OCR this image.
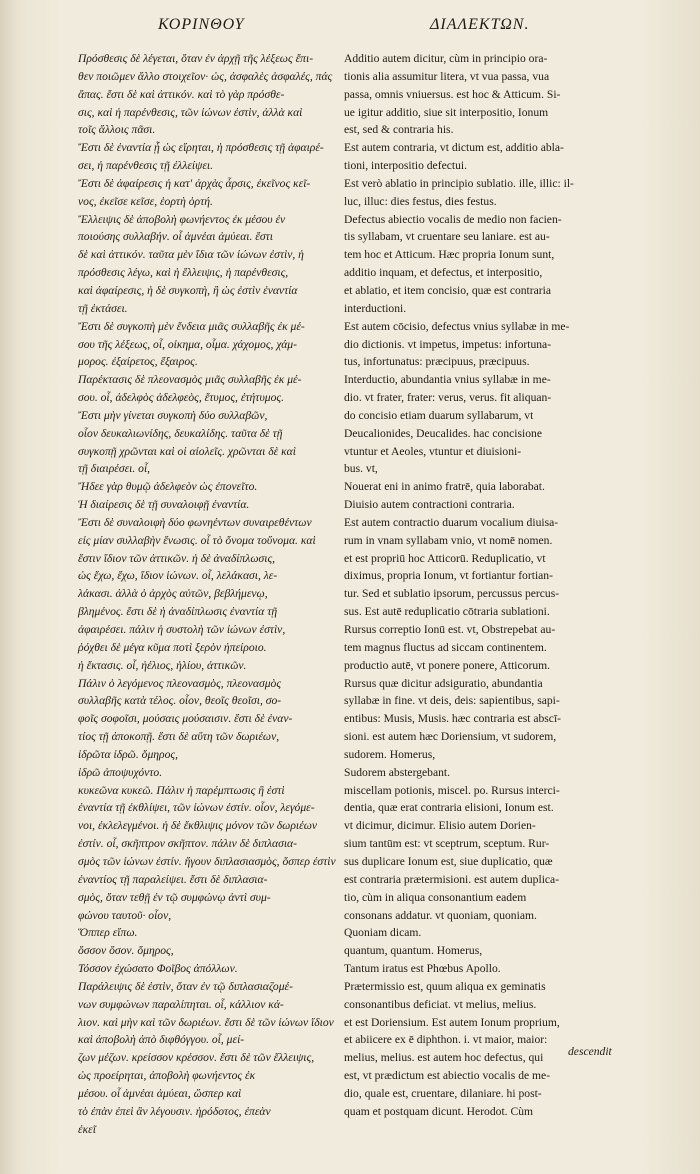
ΚΟΡΙΝΘΟΥ	ΔΙΑΛΕΚΤΩΝ.
Πρόσθεσις δὲ λέγεται, ὅταν ἐν ἀρχῇ τῆς λέξεως ἔπι-
θεν ποιῶμεν ἄλλο στοιχεῖον· ὡς, ἀσφαλὲς ἀσφαλές, πάς
ἅπας. ἔστι δὲ καὶ ἀττικόν. καὶ τὸ γὰρ πρόσθε-
σις, καὶ ἡ παρένθεσις, τῶν ἰώνων ἐστὶν, ἀλλὰ καὶ
τοῖς ἄλλοις πᾶσι.
Ἔστι δὲ ἐναντία ᾗ ὡς εἴρηται, ἡ πρόσθεσις τῇ ἀφαιρέ-
σει, ἡ παρένθεσις τῇ ἐλλείψει.
Ἔστι δὲ ἀφαίρεσις ἡ κατ' ἀρχὰς ἆρσις, ἐκεῖνος κεῖ-
νος, ἐκεῖσε κεῖσε, ἑορτὴ ὁρτή.
Ἔλλειψις δὲ ἀποβολὴ φωνήεντος ἐκ μέσου ἐν
ποιούσης συλλαβήν. οἷ ἀμνέαι ἀμύεαι. ἔστι
δὲ καὶ ἀττικόν. ταῦτα μὲν ἴδια τῶν ἰώνων ἐστὶν, ἡ
πρόσθεσις λέγω, καὶ ἡ ἔλλειψις, ἡ παρένθεσις,
καὶ ἀφαίρεσις, ἡ δὲ συγκοπὴ, ἢ ὡς ἐστὶν ἐναντία
τῇ ἐκτάσει.
Ἔστι δὲ συγκοπὴ μὲν ἔνδεια μιᾶς συλλαβῆς ἐκ μέ-
σου τῆς λέξεως, οἷ, οἰκημα, οἶμα. χάχομος, χάμ-
μορος. ἐξαίρετος, ἔξαιρος.
Παρέκτασις δὲ πλεονασμὸς μιᾶς συλλαβῆς ἐκ μέ-
σου. οἷ, ἀδελφὸς ἀδελφεὸς, ἔτυμος, ἐτήτυμος.
Ἔστι μὴν γίνεται συγκοπὴ δύο συλλαβῶν,
οἷον δευκαλιωνίδης, δευκαλίδης. ταῦτα δὲ τῇ
συγκοπῇ χρῶνται καὶ οἱ αἰολεῖς. χρῶνται δὲ καὶ
τῇ διαιρέσει. οἷ,
Ἤδεε γὰρ θυμῷ ἀδελφεὸν ὡς ἐπονεῖτο.
Ἡ διαίρεσις δὲ τῇ συναλοιφῇ ἐναντία.
Ἔστι δὲ συναλοιφὴ δύο φωνηέντων συναιρεθέντων
εἰς μίαν συλλαβὴν ἕνωσις. οἷ τὸ ὄνομα τοὔνομα. καὶ
ἔστιν ἴδιον τῶν ἀττικῶν. ἡ δὲ ἀναδίπλωσις,
ὡς ἔχω, ἔχω, ἴδιον ἰώνων. οἷ, λελάκασι, λε-
λάκασι. ἀλλὰ ὁ ἀρχὸς αὐτῶν, βεβλήμενῳ,
βλημένος. ἔστι δὲ ἡ ἀναδίπλωσις ἐναντία τῇ
ἀφαιρέσει. πάλιν ἡ συστολὴ τῶν ἰώνων ἐστὶν,
ῥόχθει δὲ μέγα κῦμα ποτὶ ξερὸν ἠπείροιο.
ἡ ἔκτασις. οἷ, ἠέλιος, ἡλίου, ἀττικῶν.
Πάλιν ὁ λεγόμενος πλεονασμὸς, πλεονασμὸς
συλλαβῆς κατὰ τέλος. οἷον, θεοῖς θεοῖσι, σο-
φοῖς σοφοῖσι, μούσαις μούσαισιν. ἔστι δὲ ἐναν-
τίος τῇ ἀποκοπῇ. ἔστι δὲ αὕτη τῶν δωριέων,
ἱδρῶτα ἰδρῶ. ὅμηρος,
ἱδρῶ ἀποψυχόντο.
κυκεῶνα κυκεῶ. Πάλιν ἡ παρέμπτωσις ἣ ἐστὶ
ἐναντία τῇ ἐκθλίψει, τῶν ἰώνων ἐστίν. οἷον, λεγόμε-
νοι, ἐκλελεγμένοι. ἡ δὲ ἔκθλιψις μόνον τῶν δωριέων
ἐστίν. οἷ, σκῆπτρον σκῆπτον. πάλιν δὲ διπλασια-
σμὸς τῶν ἰώνων ἐστίν. ἤγουν διπλασιασμὸς, ὅσπερ ἐστὶν
ἐναντίος τῇ παραλείψει. ἔστι δὲ διπλασια-
σμὸς, ὅταν τεθῇ ἐν τῷ συμφώνῳ ἀντὶ συμ-
φώνου ταυτοῦ· οἷον,
Ὅππερ εἴπω.
ὅσσον ὅσον. ὅμηρος,
Τόσσον ἐχώσατο Φοῖβος ἀπόλλων.
Παράλειψις δὲ ἐστὶν, ὅταν ἐν τῷ διπλασιαζομέ-
νων συμφώνων παραλίπηται. οἷ, κάλλιον κά-
λιον. καὶ μὴν καὶ τῶν δωριέων. ἔστι δὲ τῶν ἰώνων ἴδιον
καὶ ἀποβολὴ ἀπὸ διφθόγγου. οἷ, μεί-
ζων μέζων. κρείσσον κρέσσον. ἔστι δὲ τῶν ἔλλειψις,
ὡς προείρηται, ἀποβολὴ φωνήεντος ἐκ
μέσου. οἷ ἀμνέαι ἀμύεαι, ὥσπερ καὶ
τὸ ἐπὰν ἐπεὶ ἂν λέγουσιν. ἡρόδοτος, ἐπεὰν
ἐκεῖ
Additio autem dicitur, cùm in principio ora-
tionis alia assumitur litera, vt vua passa, vua
passa, omnis vniuersus. est hoc & Atticum. Si-
ue igitur additio, siue sit interpositio, Ionum
est, sed & contraria his.
Est autem contraria, vt dictum est, additio abla-
tioni, interpositio defectui.
Est verò ablatio in principio sublatio. ille, illic: il-
luc, illuc: dies festus, dies festus.
Defectus abiectio vocalis de medio non facien-
tis syllabam, vt cruentare seu laniare. est au-
tem hoc et Atticum. Hæc propria Ionum sunt,
additio inquam, et defectus, et interpositio,
et ablatio, et item concisio, quæ est contraria
interductioni.
Est autem cōcisio, defectus vnius syllabæ in me-
dio dictionis. vt impetus, impetus: infortuna-
tus, infortunatus: præcipuus, præcipuus.
Interductio, abundantia vnius syllabæ in me-
dio. vt frater, frater: verus, verus. fit aliquan-
do concisio etiam duarum syllabarum, vt
Deucalionides, Deucalides. hac concisione
vtuntur et Aeoles, vtuntur et diuisioni-
bus. vt,
Nouerat eni in animo fratrē, quia laborabat.
Diuisio autem contractioni contraria.
Est autem contractio duarum vocalium diuisa-
rum in vnam syllabam vnio, vt nomē nomen.
et est propriū hoc Atticorū. Reduplicatio, vt
diximus, propria Ionum, vt fortiantur fortian-
tur. Sed et sublatio ipsorum, percussus percus-
sus. Est autē reduplicatio cōtraria sublationi.
Rursus correptio Ionū est. vt, Obstrepebat au-
tem magnus fluctus ad siccam continentem.
productio autē, vt ponere ponere, Atticorum.
Rursus quæ dicitur adsiguratio, abundantia
syllabæ in fine. vt deis, deis: sapientibus, sapi-
entibus: Musis, Musis. hæc contraria est abscī-
sioni. est autem hæc Doriensium, vt sudorem,
sudorem. Homerus,
Sudorem abstergebant.
miscellam potionis, miscel. po. Rursus interci-
dentia, quæ erat contraria elisioni, Ionum est.
vt dicimur, dicimur. Elisio autem Dorien-
sium tantūm est: vt sceptrum, sceptum. Rur-
sus duplicare Ionum est, siue duplicatio, quæ
est contraria prætermisioni. est autem duplica-
tio, cùm in aliqua consonantium eadem
consonans addatur. vt quoniam, quoniam.
Quoniam dicam.
quantum, quantum. Homerus,
Tantum iratus est Phœbus Apollo.
Prætermissio est, quum aliqua ex geminatis
consonantibus deficiat. vt melius, melius.
et est Doriensium. Est autem Ionum proprium,
et abiicere ex ē diphthon. i. vt maior, maior:
melius, melius. est autem hoc defectus, qui
est, vt prædictum est abiectio vocalis de me-
dio, quale est, cruentare, dilaniare. hi post-
quam et postquam dicunt. Herodot. Cùm
descendit
